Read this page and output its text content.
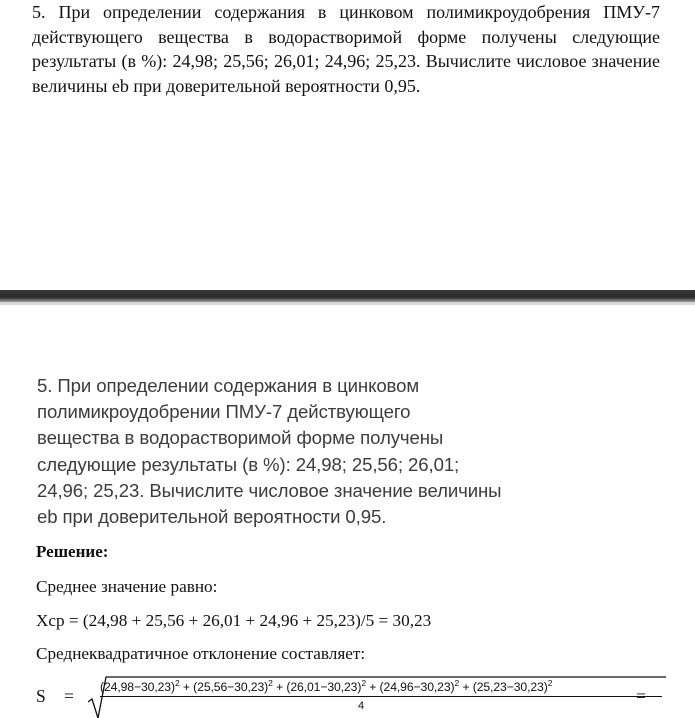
5. При определении содержания в цинковом полимикроудобрения ПМУ-7 действующего вещества в водорастворимой форме получены следующие результаты (в %): 24,98; 25,56; 26,01; 24,96; 25,23. Вычислите числовое значение величины еb при доверительной вероятности 0,95.
5. При определении содержания в цинковом
полимикроудобрении ПМУ-7 действующего
вещества в водорастворимой форме получены
следующие результаты (в %): 24,98; 25,56; 26,01;
24,96; 25,23. Вычислите числовое значение величины
eb при доверительной вероятности 0,95.
Решение:
Среднее значение равно:
Xср = (24,98 + 25,56 + 26,01 + 24,96 + 25,23)/5 = 30,23
Среднеквадратичное отклонение составляет:
$S = (24,98-30,23)^2 + (25,56-30,23)^2 + (26,01-30,23)^2 + (24,96-30,23)^2 + (25,23-30,23)^2$
4	=
